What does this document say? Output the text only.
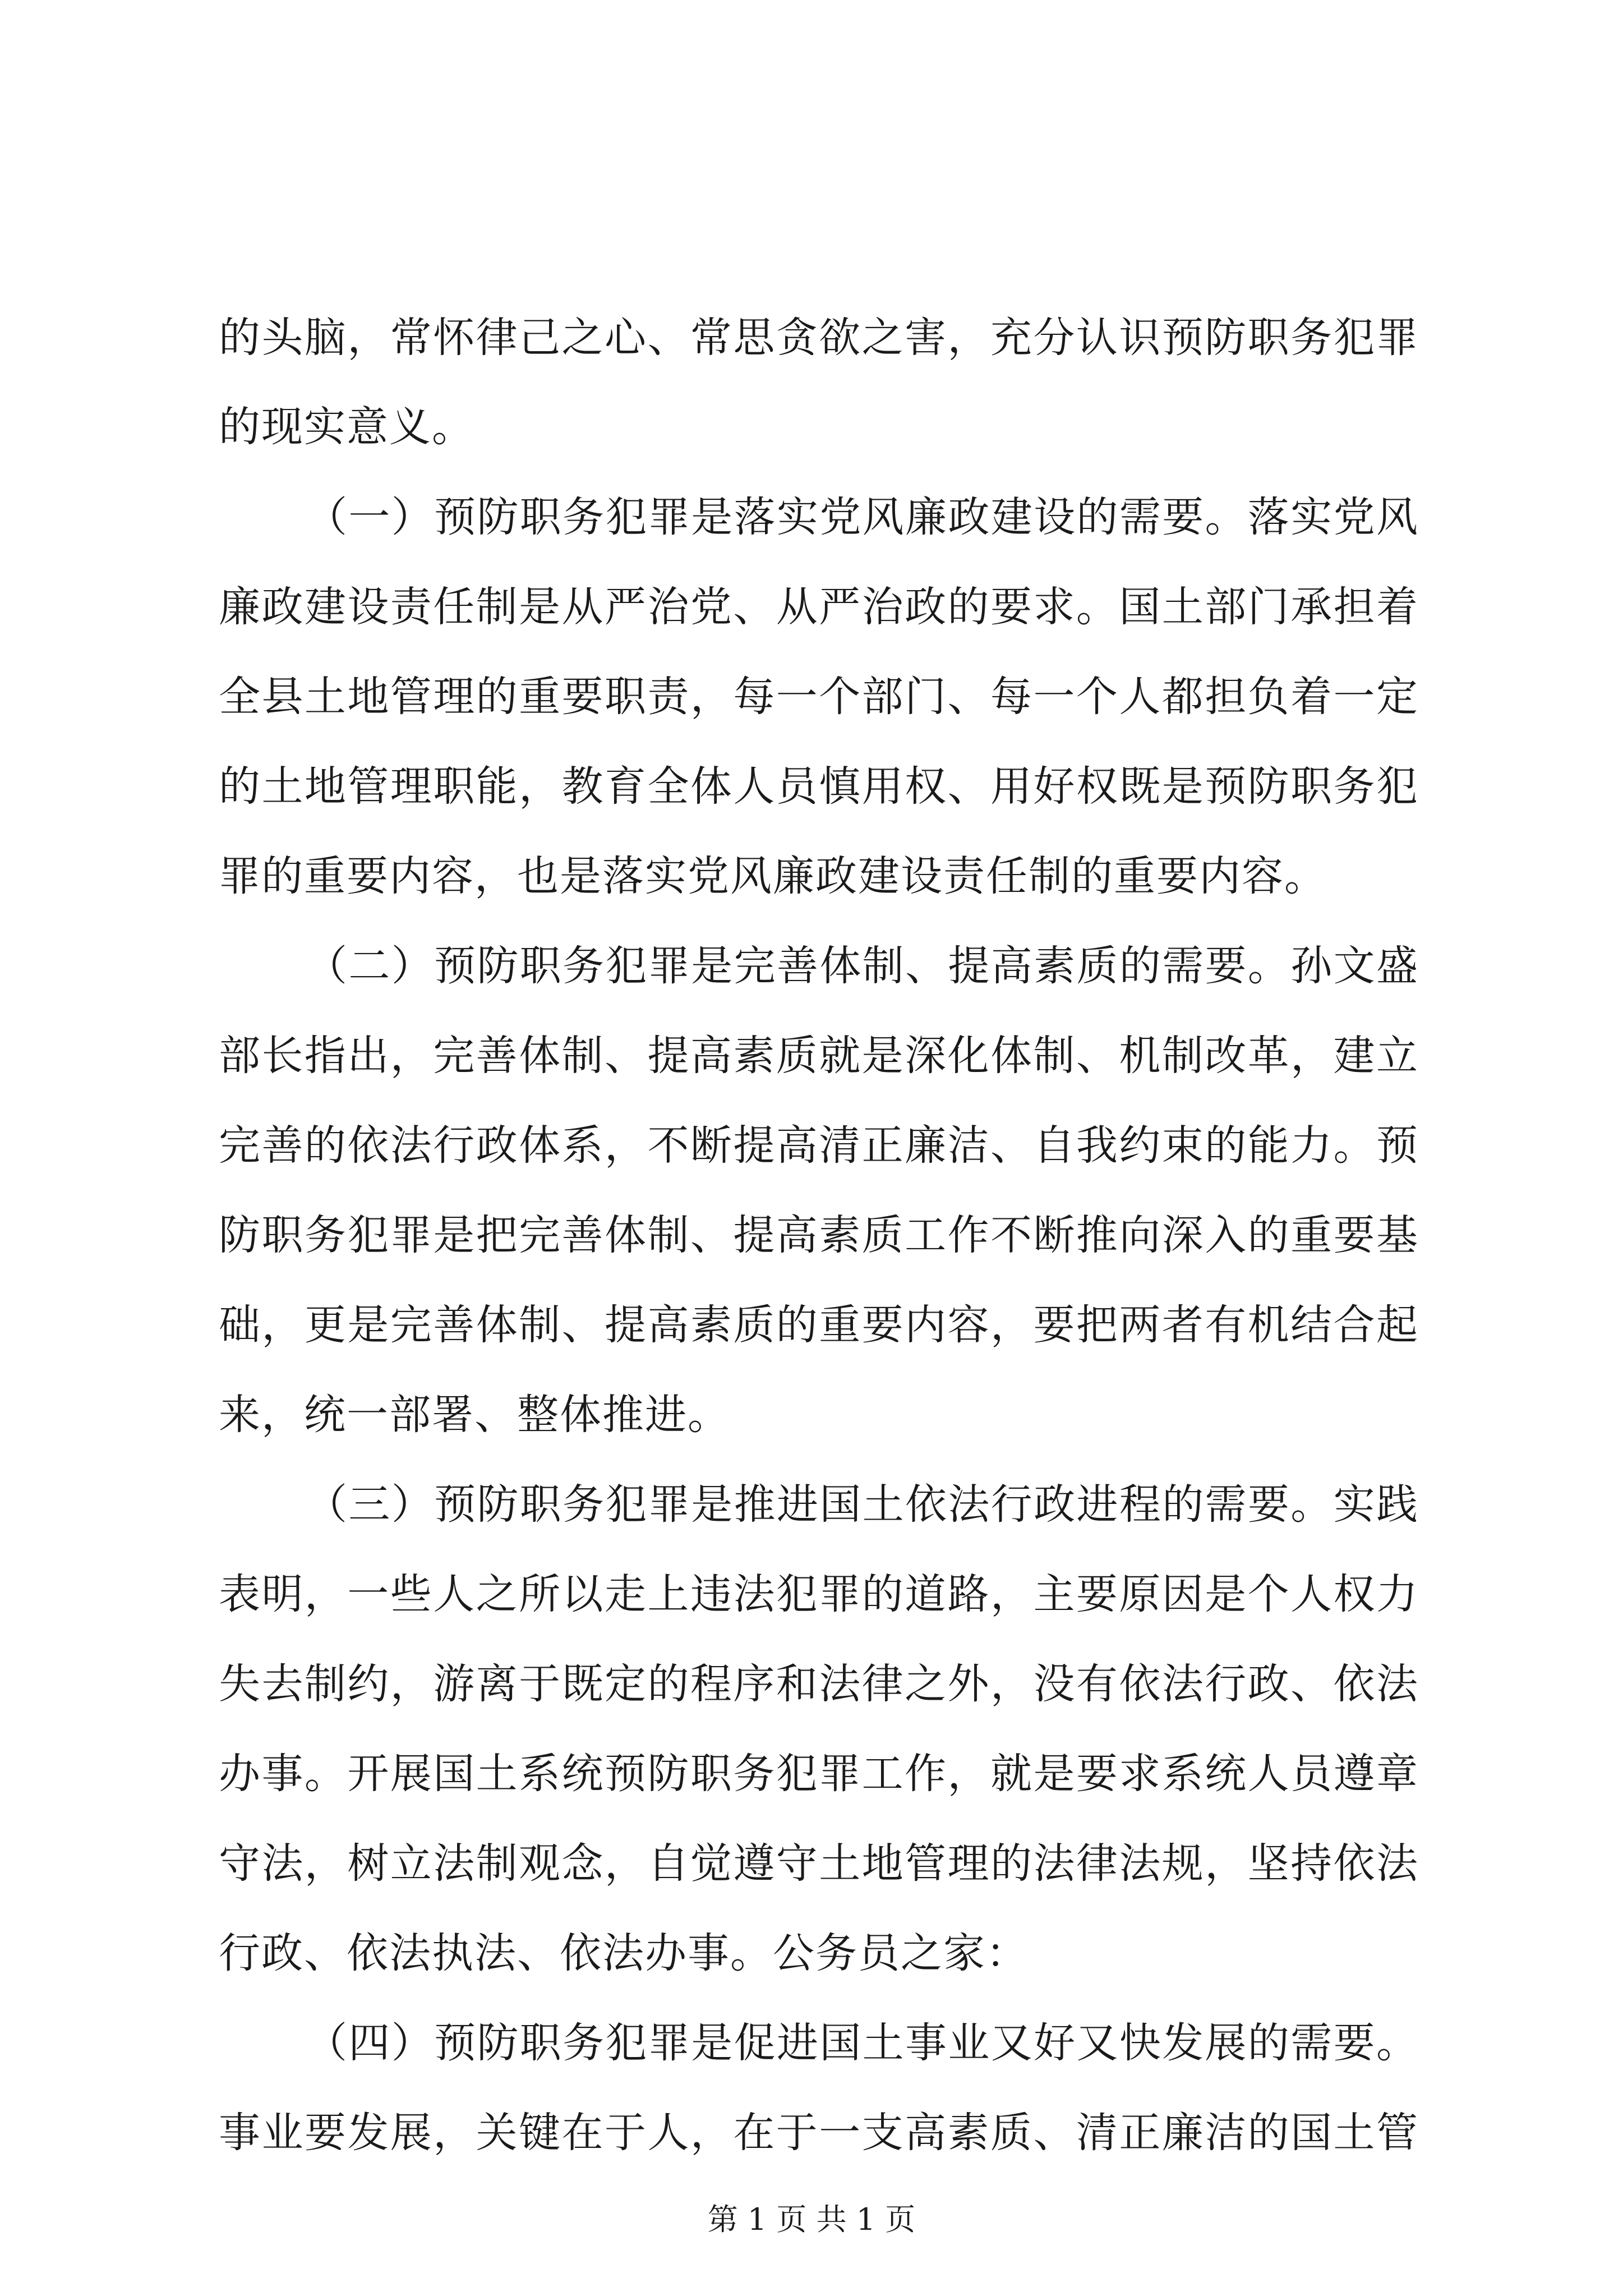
的头脑，常怀律己之心、常思贪欲之害，充分认识预防职务犯罪
的现实意义。
（一）预防职务犯罪是落实党风廉政建设的需要。落实党风
廉政建设责任制是从严治党、从严治政的要求。国土部门承担着
全县土地管理的重要职责，每一个部门、每一个人都担负着一定
的土地管理职能，教育全体人员慎用权、用好权既是预防职务犯
罪的重要内容，也是落实党风廉政建设责任制的重要内容。
（二）预防职务犯罪是完善体制、提高素质的需要。孙文盛
部长指出，完善体制、提高素质就是深化体制、机制改革，建立
完善的依法行政体系，不断提高清正廉洁、自我约束的能力。预
防职务犯罪是把完善体制、提高素质工作不断推向深入的重要基
础，更是完善体制、提高素质的重要内容，要把两者有机结合起
来，统一部署、整体推进。
（三）预防职务犯罪是推进国土依法行政进程的需要。实践
表明，一些人之所以走上违法犯罪的道路，主要原因是个人权力
失去制约，游离于既定的程序和法律之外，没有依法行政、依法
办事。开展国土系统预防职务犯罪工作，就是要求系统人员遵章
守法，树立法制观念，自觉遵守土地管理的法律法规，坚持依法
行政、依法执法、依法办事。公务员之家：
（四）预防职务犯罪是促进国土事业又好又快发展的需要。
事业要发展，关键在于人，在于一支高素质、清正廉洁的国土管
第 1 页 共 1 页
